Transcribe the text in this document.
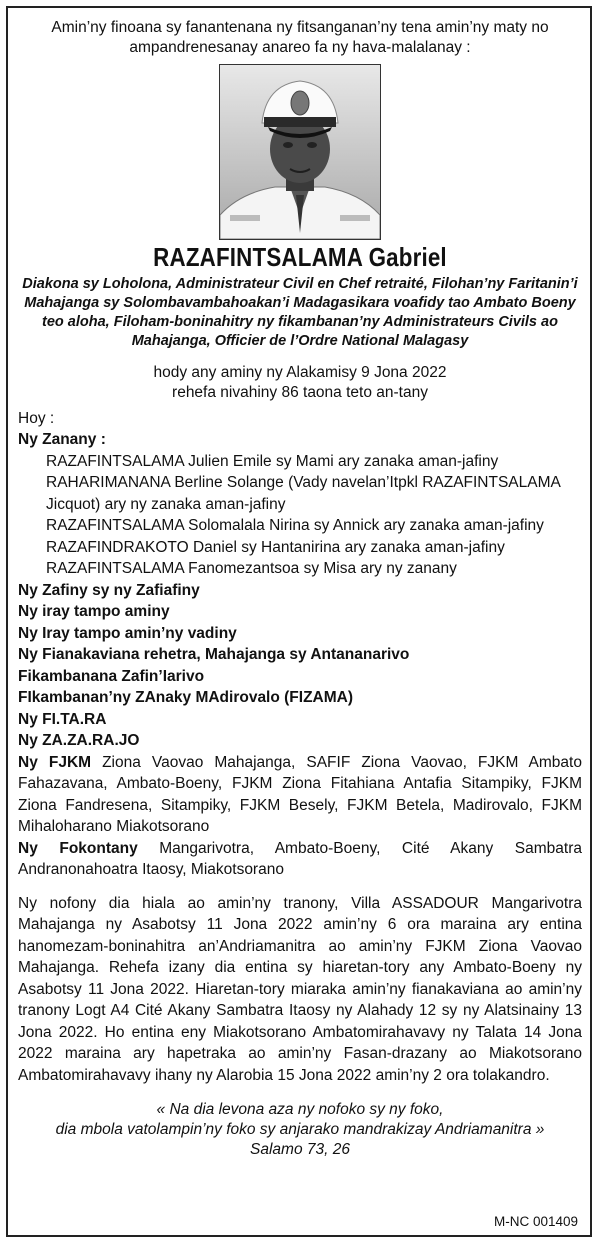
Amin’ny finoana sy fanantenana ny fitsanganan’ny tena amin’ny maty no ampandrenesanay anareo fa ny hava-malalanay :
RAZAFINTSALAMA Gabriel
Diakona sy Loholona, Administrateur Civil en Chef retraité, Filohan’ny Faritanin’i Mahajanga sy Solombavambahoakan’i Madagasikara voafidy tao Ambato Boeny teo aloha, Filoham-boninahitry ny fikambanan’ny Administrateurs Civils ao Mahajanga, Officier de l’Ordre National Malagasy
hody any aminy ny Alakamisy 9 Jona 2022
rehefa nivahiny 86 taona teto an-tany
Hoy :
Ny Zanany :
RAZAFINTSALAMA Julien Emile sy Mami ary zanaka aman-jafiny
RAHARIMANANA Berline Solange (Vady navelan’Itpkl RAZAFINTSALAMA Jicquot) ary ny zanaka aman-jafiny
RAZAFINTSALAMA Solomalala Nirina sy Annick ary zanaka aman-jafiny
RAZAFINDRAKOTO Daniel sy Hantanirina ary zanaka aman-jafiny
RAZAFINTSALAMA Fanomezantsoa sy Misa ary ny zanany
Ny Zafiny sy ny Zafiafiny
Ny iray tampo aminy
Ny Iray tampo amin’ny vadiny
Ny Fianakaviana rehetra, Mahajanga sy Antananarivo
Fikambanana Zafin’Iarivo
FIkambanan’ny ZAnaky MAdirovalo (FIZAMA)
Ny FI.TA.RA
Ny ZA.ZA.RA.JO
Ny FJKM Ziona Vaovao Mahajanga, SAFIF Ziona Vaovao, FJKM Ambato Fahazavana, Ambato-Boeny, FJKM Ziona Fitahiana Antafia Sitampiky, FJKM Ziona Fandresena, Sitampiky, FJKM Besely, FJKM Betela, Madirovalo, FJKM Mihaloharano Miakotsorano
Ny Fokontany Mangarivotra, Ambato-Boeny, Cité Akany Sambatra Andranonahoatra Itaosy, Miakotsorano
Ny nofony dia hiala ao amin’ny tranony, Villa ASSADOUR Mangarivotra Mahajanga ny Asabotsy 11 Jona 2022 amin’ny 6 ora maraina ary entina hanomezam-boninahitra an’Andriamanitra ao amin’ny FJKM Ziona Vaovao Mahajanga. Rehefa izany dia entina sy hiaretan-tory any Ambato-Boeny ny Asabotsy 11 Jona 2022. Hiaretan-tory miaraka amin’ny fianakaviana ao amin’ny tranony Logt A4 Cité Akany Sambatra Itaosy ny Alahady 12 sy ny Alatsinainy 13 Jona 2022. Ho entina eny Miakotsorano Ambatomirahavavy ny Talata 14 Jona 2022 maraina ary hapetraka ao amin’ny Fasan-drazany ao Miakotsorano Ambatomirahavavy ihany ny Alarobia 15 Jona 2022 amin’ny 2 ora tolakandro.
« Na dia levona aza ny nofoko sy ny foko,
dia mbola vatolampin’ny foko sy anjarako mandrakizay Andriamanitra »
Salamo 73, 26
M-NC 001409
